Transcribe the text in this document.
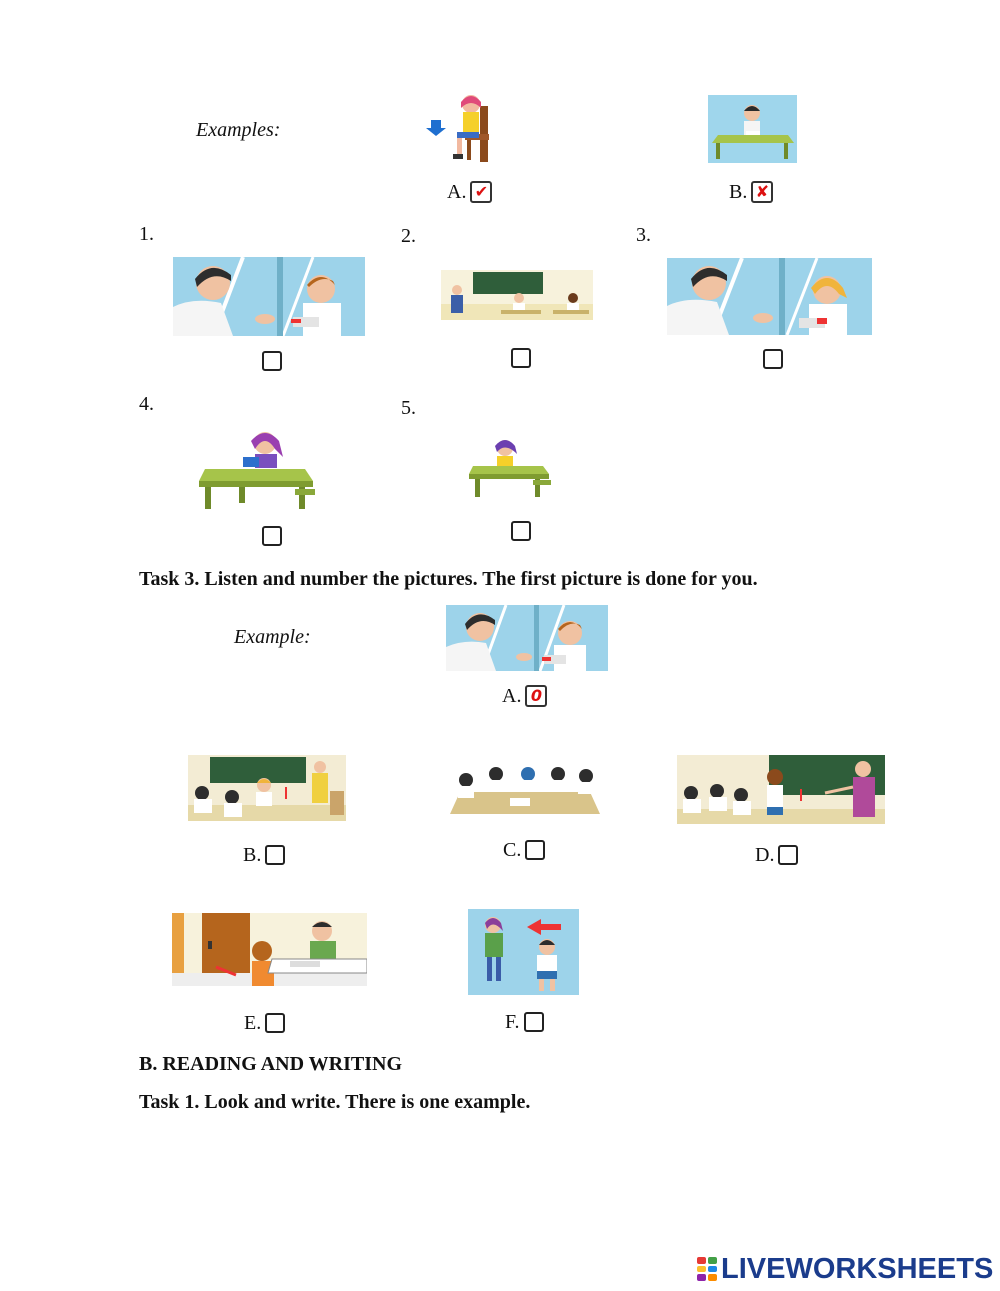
Examples:
A. ✔	B. ✘
1.	2.	3.
4.	5.
Task 3. Listen and number the pictures. The first picture is done for you.
Example:
A. 0
B.	C.	D.
E.	F.
B. READING AND WRITING
Task 1. Look and write. There is one example.
LIVEWORKSHEETS
